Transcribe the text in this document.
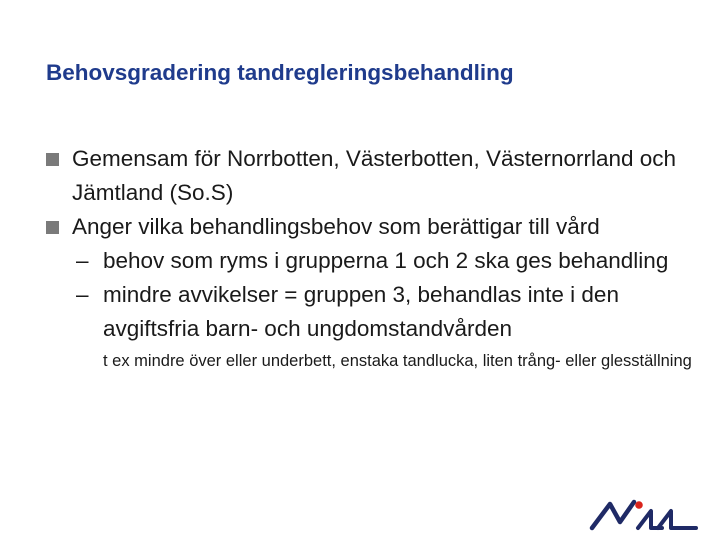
Behovsgradering tandregleringsbehandling
Gemensam för Norrbotten, Västerbotten, Västernorrland och Jämtland (So.S)
Anger vilka behandlingsbehov som berättigar till vård
– behov som ryms i grupperna 1 och 2 ska ges behandling
– mindre avvikelser = gruppen 3, behandlas inte i den avgiftsfria barn- och ungdomstandvården
t ex mindre över eller underbett, enstaka tandlucka, liten trång- eller glesställning
